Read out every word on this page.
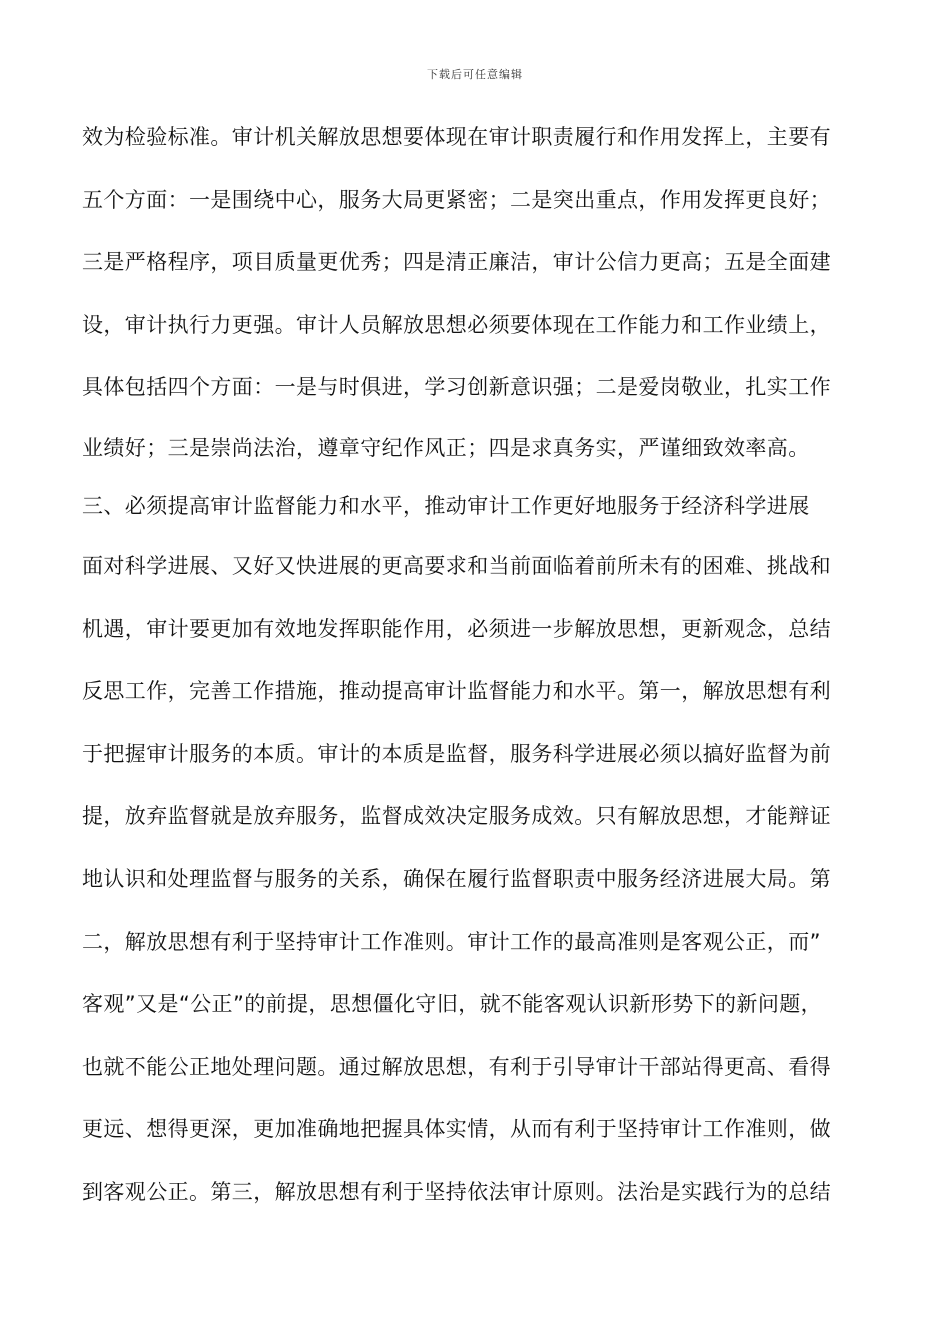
下载后可任意编辑
效为检验标准。审计机关解放思想要体现在审计职责履行和作用发挥上，主要有
五个方面：一是围绕中心，服务大局更紧密；二是突出重点，作用发挥更良好；
三是严格程序，项目质量更优秀；四是清正廉洁，审计公信力更高；五是全面建
设，审计执行力更强。审计人员解放思想必须要体现在工作能力和工作业绩上，
具体包括四个方面：一是与时俱进，学习创新意识强；二是爱岗敬业，扎实工作
业绩好；三是崇尚法治，遵章守纪作风正；四是求真务实，严谨细致效率高。
三、必须提高审计监督能力和水平，推动审计工作更好地服务于经济科学进展
面对科学进展、又好又快进展的更高要求和当前面临着前所未有的困难、挑战和
机遇，审计要更加有效地发挥职能作用，必须进一步解放思想，更新观念，总结
反思工作，完善工作措施，推动提高审计监督能力和水平。第一，解放思想有利
于把握审计服务的本质。审计的本质是监督，服务科学进展必须以搞好监督为前
提，放弃监督就是放弃服务，监督成效决定服务成效。只有解放思想，才能辩证
地认识和处理监督与服务的关系，确保在履行监督职责中服务经济进展大局。第
二，解放思想有利于坚持审计工作准则。审计工作的最高准则是客观公正，而”
客观”又是“公正”的前提，思想僵化守旧，就不能客观认识新形势下的新问题，
也就不能公正地处理问题。通过解放思想，有利于引导审计干部站得更高、看得
更远、想得更深，更加准确地把握具体实情，从而有利于坚持审计工作准则，做
到客观公正。第三，解放思想有利于坚持依法审计原则。法治是实践行为的总结
